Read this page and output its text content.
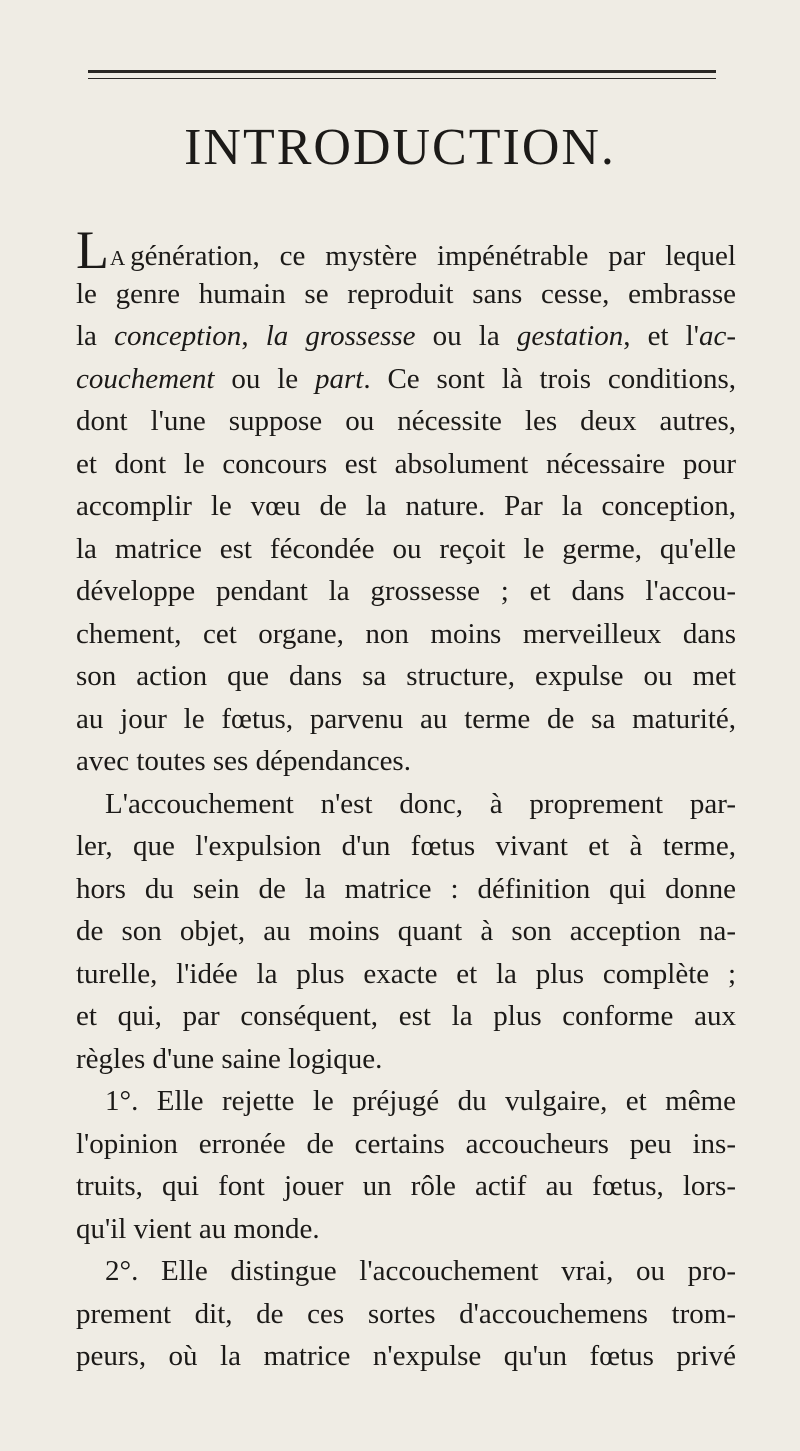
INTRODUCTION.
LA génération, ce mystère impénétrable par lequel
le genre humain se reproduit sans cesse, embrasse
la conception, la grossesse ou la gestation, et l'ac-
couchement ou le part. Ce sont là trois conditions,
dont l'une suppose ou nécessite les deux autres,
et dont le concours est absolument nécessaire pour
accomplir le vœu de la nature. Par la conception,
la matrice est fécondée ou reçoit le germe, qu'elle
développe pendant la grossesse ; et dans l'accou-
chement, cet organe, non moins merveilleux dans
son action que dans sa structure, expulse ou met
au jour le fœtus, parvenu au terme de sa maturité,
avec toutes ses dépendances.
L'accouchement n'est donc, à proprement par-
ler, que l'expulsion d'un fœtus vivant et à terme,
hors du sein de la matrice : définition qui donne
de son objet, au moins quant à son acception na-
turelle, l'idée la plus exacte et la plus complète ;
et qui, par conséquent, est la plus conforme aux
règles d'une saine logique.
1°. Elle rejette le préjugé du vulgaire, et même
l'opinion erronée de certains accoucheurs peu ins-
truits, qui font jouer un rôle actif au fœtus, lors-
qu'il vient au monde.
2°. Elle distingue l'accouchement vrai, ou pro-
prement dit, de ces sortes d'accouchemens trom-
peurs, où la matrice n'expulse qu'un fœtus privé
